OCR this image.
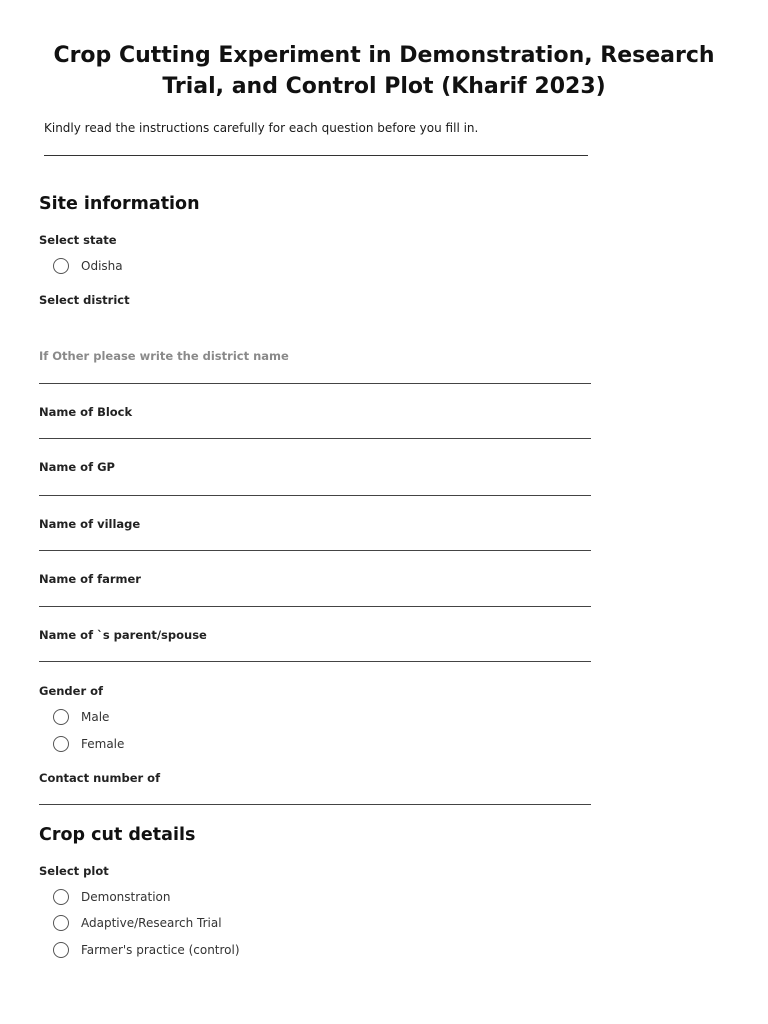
Crop Cutting Experiment in Demonstration, Research Trial, and Control Plot (Kharif 2023)
Kindly read the instructions carefully for each question before you fill in.
Site information
Select state
Odisha
Select district
If Other please write the district name
Name of Block
Name of GP
Name of village
Name of farmer
Name of `s parent/spouse
Gender of
Male
Female
Contact number of
Crop cut details
Select plot
Demonstration
Adaptive/Research Trial
Farmer's practice (control)
